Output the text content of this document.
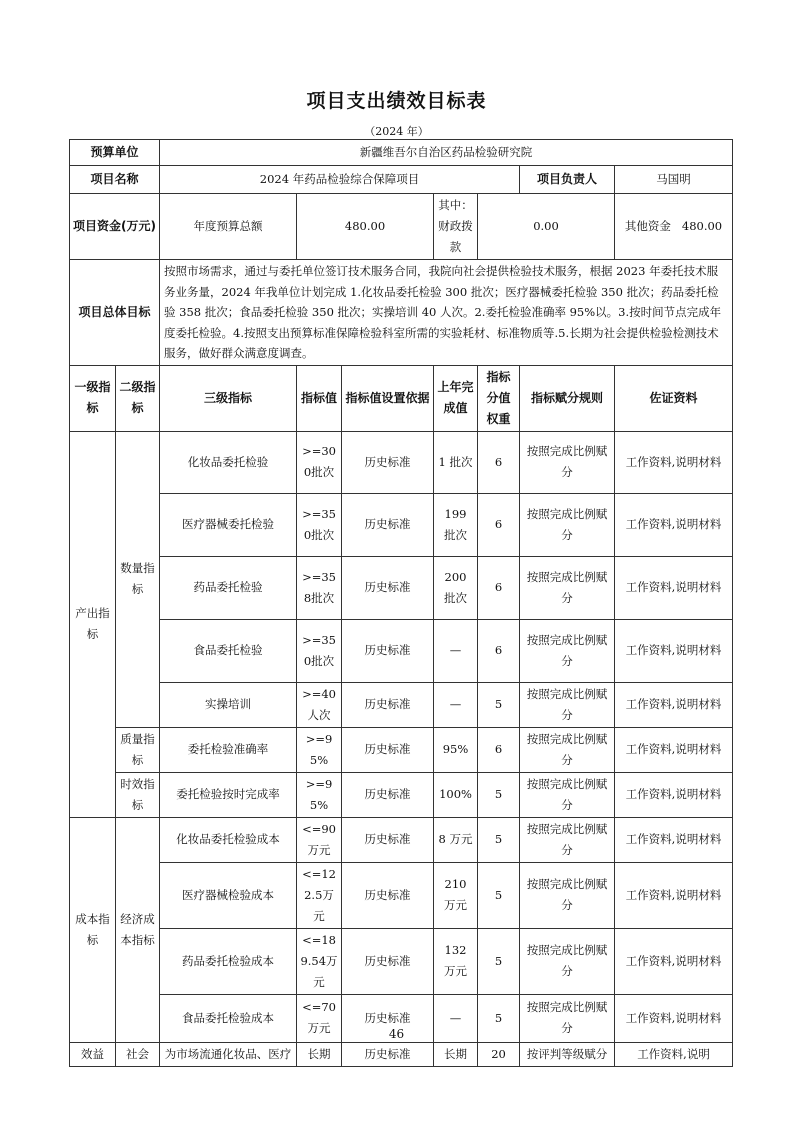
项目支出绩效目标表
（2024 年）
预算单位		新疆维吾尔自治区药品检验研究院						
项目名称		2024 年药品检验综合保障项目					项目负责人	马国明
项目资金(万元)		年度预算总额	480.00		其中：财政拨款	0.00		其他资金 480.00
项目总体目标		按照市场需求，通过与委托单位签订技术服务合同，我院向社会提供检验技术服务，根据 2023 年委托技术服务业务量，2024 年我单位计划完成 1.化妆品委托检验 300 批次；医疗器械委托检验 350 批次；药品委托检验 358 批次；食品委托检验 350 批次；实操培训 40 人次。2.委托检验准确率 95%以。3.按时间节点完成年度委托检验。4.按照支出预算标准保障检验科室所需的实验耗材、标准物质等.5.长期为社会提供检验检测技术服务，做好群众满意度调查。						
一级指标	二级指标	三级指标	指标值	指标值设置依据	上年完成值	指标分值权重	指标赋分规则	佐证资料
产出指标	数量指标	化妆品委托检验	>=300批次	历史标准	1 批次	6	按照完成比例赋分	工作资料,说明材料
		医疗器械委托检验	>=350批次	历史标准	199 批次	6	按照完成比例赋分	工作资料,说明材料
		药品委托检验	>=358批次	历史标准	200 批次	6	按照完成比例赋分	工作资料,说明材料
		食品委托检验	>=350批次	历史标准	—	6	按照完成比例赋分	工作资料,说明材料
		实操培训	>=40人次	历史标准	—	5	按照完成比例赋分	工作资料,说明材料
	质量指标	委托检验准确率	>=95%	历史标准	95%	6	按照完成比例赋分	工作资料,说明材料
	时效指标	委托检验按时完成率	>=95%	历史标准	100%	5	按照完成比例赋分	工作资料,说明材料
成本指标	经济成本指标	化妆品委托检验成本	<=90万元	历史标准	8 万元	5	按照完成比例赋分	工作资料,说明材料
		医疗器械检验成本	<=122.5万元	历史标准	210 万元	5	按照完成比例赋分	工作资料,说明材料
		药品委托检验成本	<=189.54万元	历史标准	132 万元	5	按照完成比例赋分	工作资料,说明材料
		食品委托检验成本	<=70万元	历史标准	—	5	按照完成比例赋分	工作资料,说明材料
效益	社会	为市场流通化妆品、医疗	长期	历史标准	长期	20	按评判等级赋分	工作资料,说明
46
